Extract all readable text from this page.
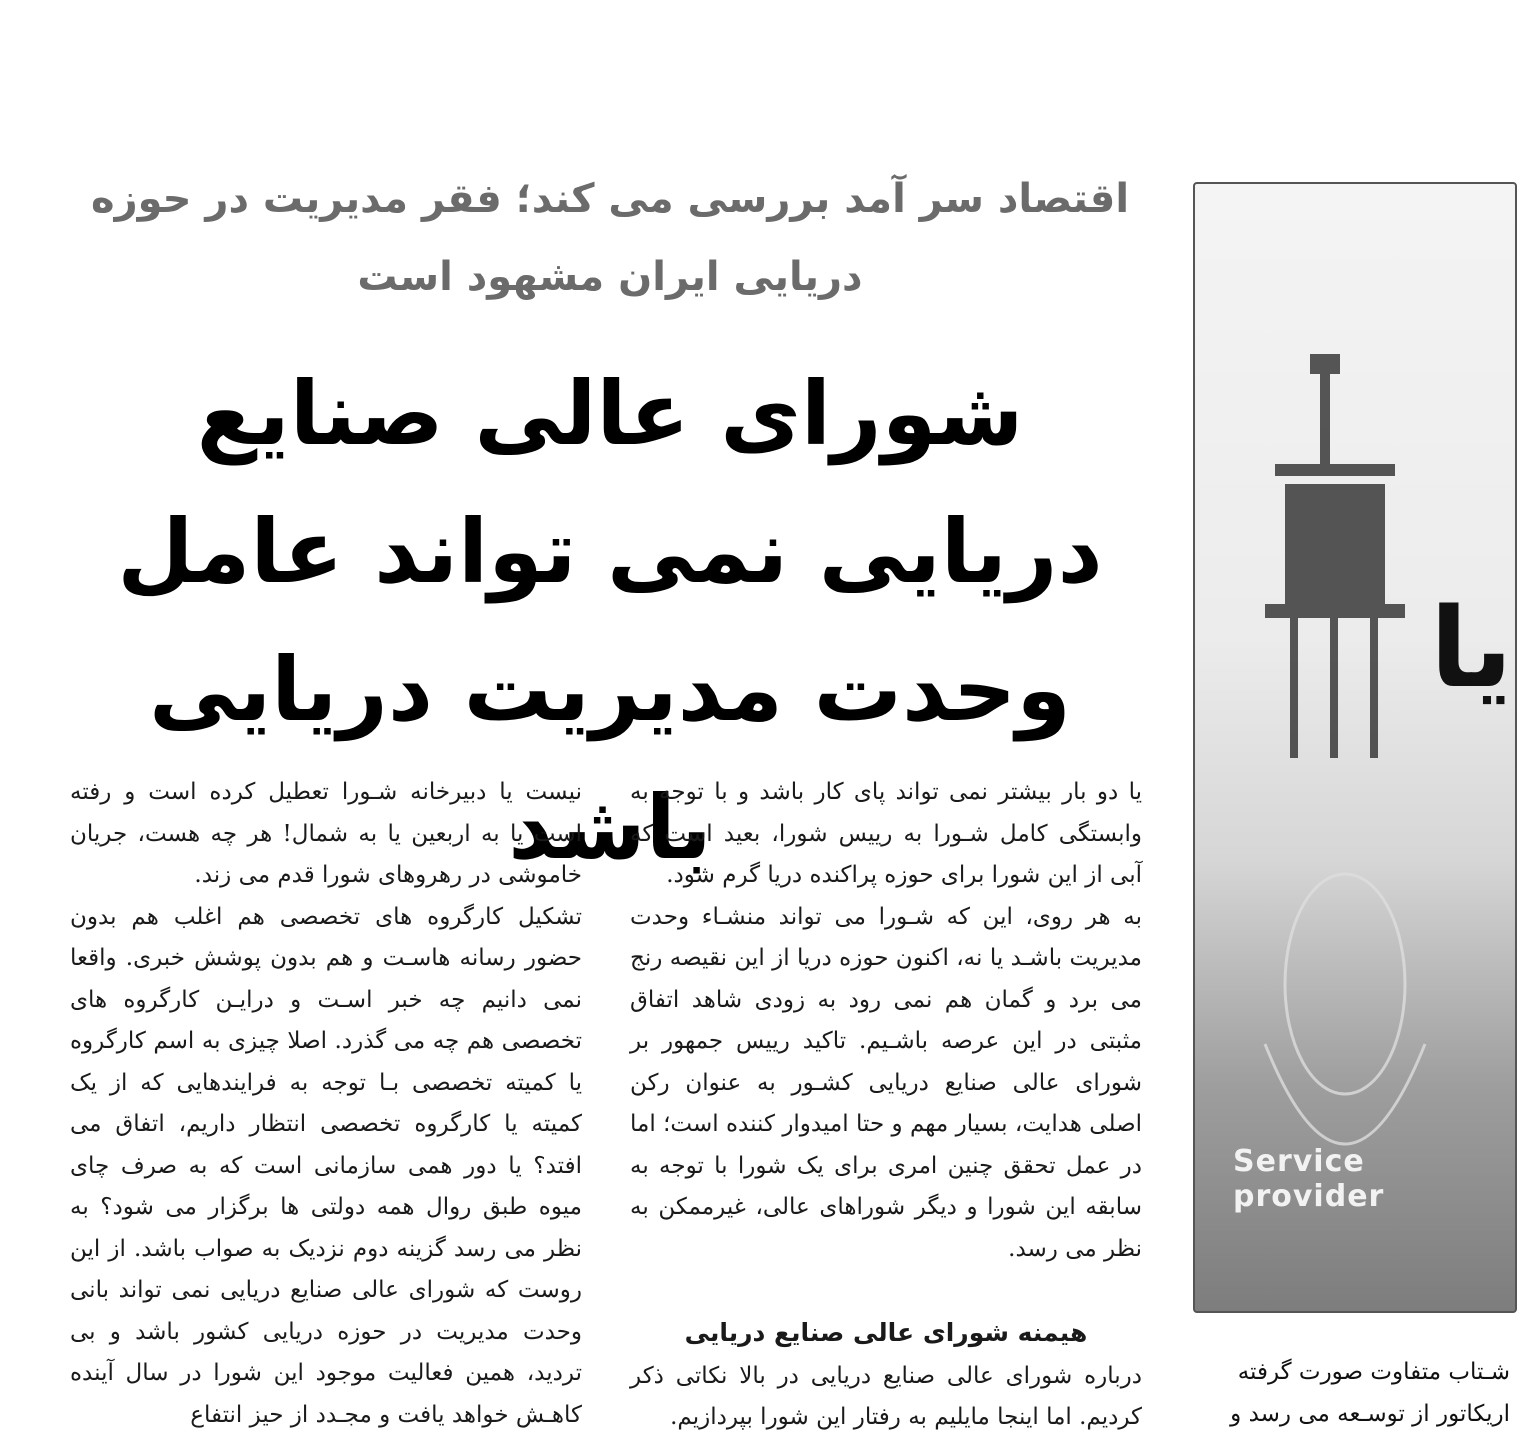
اقتصاد سر آمد بررسی می کند؛ فقر مدیریت در حوزه دریایی ایران مشهود است
شورای عالی صنایع دریایی نمی تواند عامل وحدت مدیریت دریایی باشد

یا دو بار بیشتر نمی تواند پای کار باشد و با توجه به وابستگی کامل شـورا به رییس شورا، بعید است که آبی از این شورا برای حوزه پراکنده دریا گرم شود.

به هر روی، این که شـورا می تواند منشـاء وحدت مدیریت باشـد یا نه، اکنون حوزه دریا از این نقیصه رنج می برد و گمان هم نمی رود به زودی شاهد اتفاق مثبتی در این عرصه باشـیم. تاکید رییس جمهور بر شورای عالی صنایع دریایی کشـور به عنوان رکن اصلی هدایت، بسیار مهم و حتا امیدوار کننده است؛ اما در عمل تحقق چنین امری برای یک شورا با توجه به سابقه این شورا و دیگر شوراهای عالی، غیرممکن به نظر می رسد.

هیمنه شورای عالی صنایع دریایی

درباره شورای عالی صنایع دریایی در بالا نکاتی ذکر کردیم. اما اینجا مایلیم به رفتار این شورا بپردازیم.

نیست یا دبیرخانه شـورا تعطیل کرده است و رفته است یا به اربعین یا به شمال! هر چه هست، جریان خاموشی در رهروهای شورا قدم می زند.

تشکیل کارگروه های تخصصی هم اغلب هم بدون حضور رسانه هاسـت و هم بدون پوشش خبری. واقعا نمی دانیم چه خبر اسـت و درایـن کارگروه های تخصصی هم چه می گذرد. اصلا چیزی به اسم کارگروه یا کمیته تخصصی بـا توجه به فرایندهایی که از یک کمیته یا کارگروه تخصصی انتظار داریم، اتفاق می افتد؟ یا دور همی سازمانی است که به صرف چای میوه طبق روال همه دولتی ها برگزار می شود؟ به نظر می رسد گزینه دوم نزدیک به صواب باشد. از این روست که شورای عالی صنایع دریایی نمی تواند بانی وحدت مدیریت در حوزه دریایی کشور باشد و بی تردید، همین فعالیت موجود این شورا در سال آینده کاهـش خواهد یافت و مجـدد از حیز انتفاع

یا
Service provider
شـتاب متفاوت صورت گرفته
اریکاتور از توسـعه می رسد و
